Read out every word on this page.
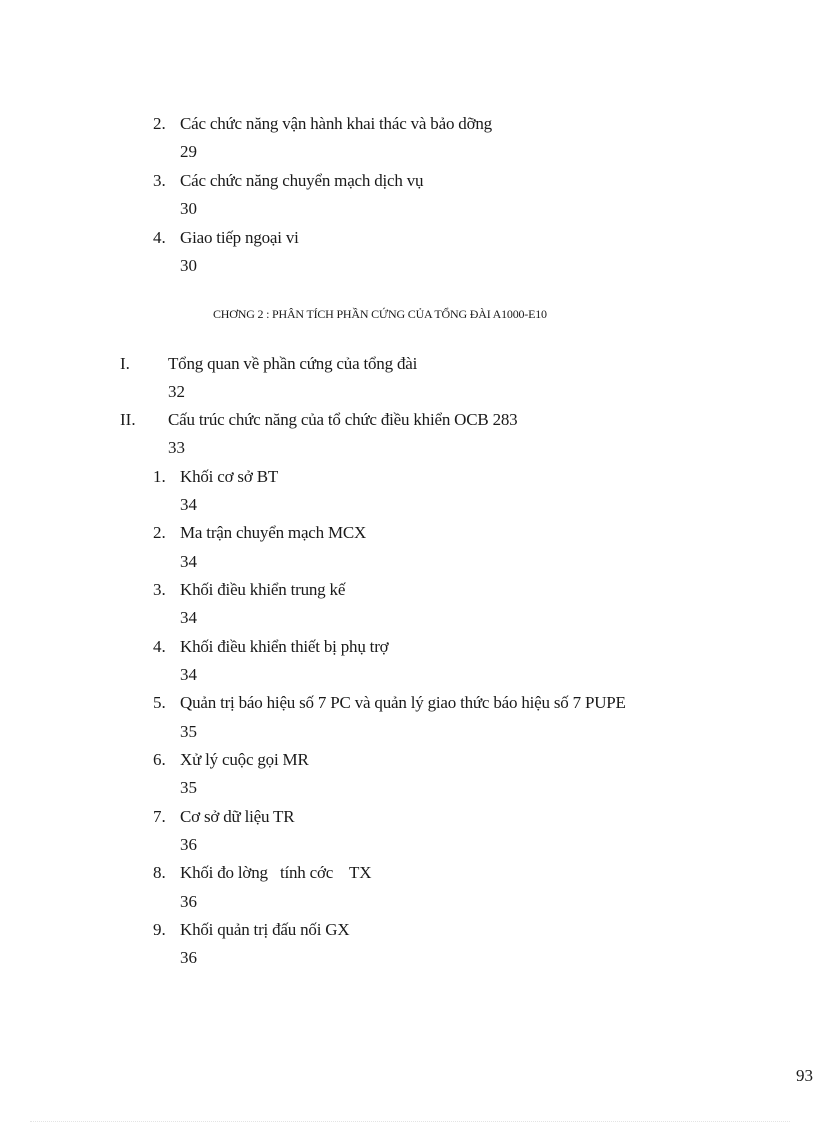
2. Các chức năng vận hành khai thác và bảo dỡng
29
3. Các chức năng chuyển mạch dịch vụ
30
4. Giao tiếp ngoại vi
30
CHƠNG 2 : PHÂN TÍCH PHẦN CỨNG CỦA TỔNG ĐÀI A1000-E10
I. Tổng quan về phần cứng của tổng đài
32
II. Cấu trúc chức năng của tổ chức điều khiển OCB 283
33
1. Khối cơ sở BT
34
2. Ma trận chuyển mạch MCX
34
3. Khối điều khiển trung kế
34
4. Khối điều khiển thiết bị phụ trợ
34
5. Quản trị báo hiệu số 7 PC và quản lý giao thức báo hiệu số 7 PUPE
35
6. Xử lý cuộc gọi MR
35
7. Cơ sở dữ liệu TR
36
8. Khối đo lờng   tính cớc    TX
36
9. Khối quản trị đấu nối GX
36
93
